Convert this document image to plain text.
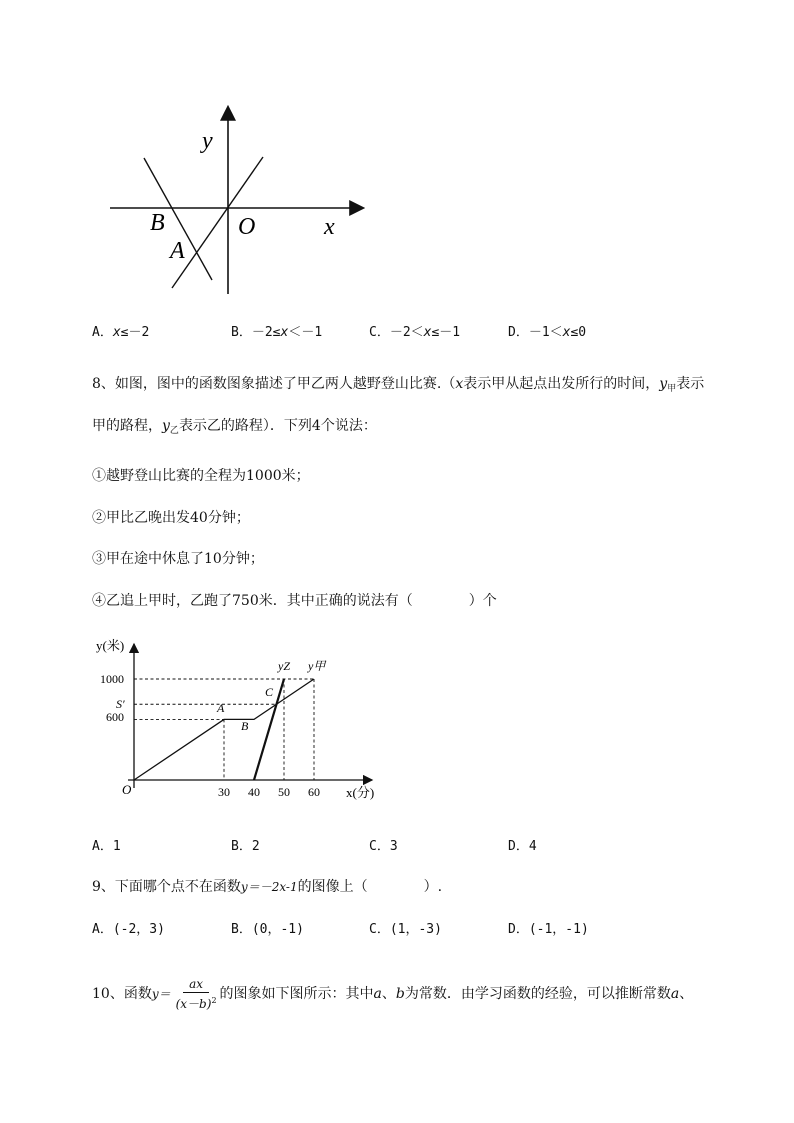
y
x
O
B
A
A．x≤－2	B．－2≤x＜－1	C．－2＜x≤－1	D．－1＜x≤0
8、如图，图中的函数图象描述了甲乙两人越野登山比赛.（x表示甲从起点出发所行的时间，$y_甲$表示
甲的路程，$y_乙$表示乙的路程）．下列4个说法：
①越野登山比赛的全程为1000米；
②甲比乙晚出发40分钟；
③甲在途中休息了10分钟；
④乙追上甲时，乙跑了750米．其中正确的说法有（　　　　）个
y(米)
x(分)
O
1000
S′
600
30 40 50 60
A
B
C
yZ y甲
A．1	B．2	C．3	D．4
9、下面哪个点不在函数y＝－2x-1的图像上（　　　　）.
A．(-2，3)	B．(0，-1)	C．(1，-3)	D．(-1，-1)
10、函数 y＝
ax
$(x-b)^2$ 的图象如下图所示：其中 a 、 b 为常数．由学习函数的经验，可以推断常数 a 、
